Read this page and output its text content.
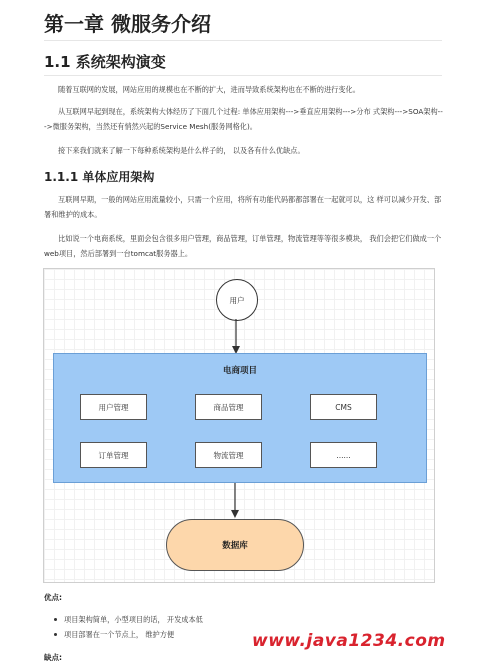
第一章 微服务介绍
1.1 系统架构演变
随着互联网的发展，网站应用的规模也在不断的扩大，进而导致系统架构也在不断的进行变化。
从互联网早起到现在，系统架构大体经历了下面几个过程: 单体应用架构--->垂直应用架构--->分布 式架构--->SOA架构--->微服务架构，当然还有悄然兴起的Service Mesh(服务网格化)。
接下来我们就来了解一下每种系统架构是什么样子的， 以及各有什么优缺点。
1.1.1 单体应用架构
互联网早期，一般的网站应用流量较小，只需一个应用，将所有功能代码都都部署在一起就可以，这 样可以减少开发、部署和维护的成本。
比如说一个电商系统，里面会包含很多用户管理，商品管理，订单管理，物流管理等等很多模块， 我们会把它们做成一个web项目，然后部署到一台tomcat服务器上。
用户
电商项目
用户管理	商品管理	CMS
订单管理	物流管理	......
数据库
优点:
项目架构简单，小型项目的话， 开发成本低
项目部署在一个节点上， 维护方便	www.java1234.com
缺点:
